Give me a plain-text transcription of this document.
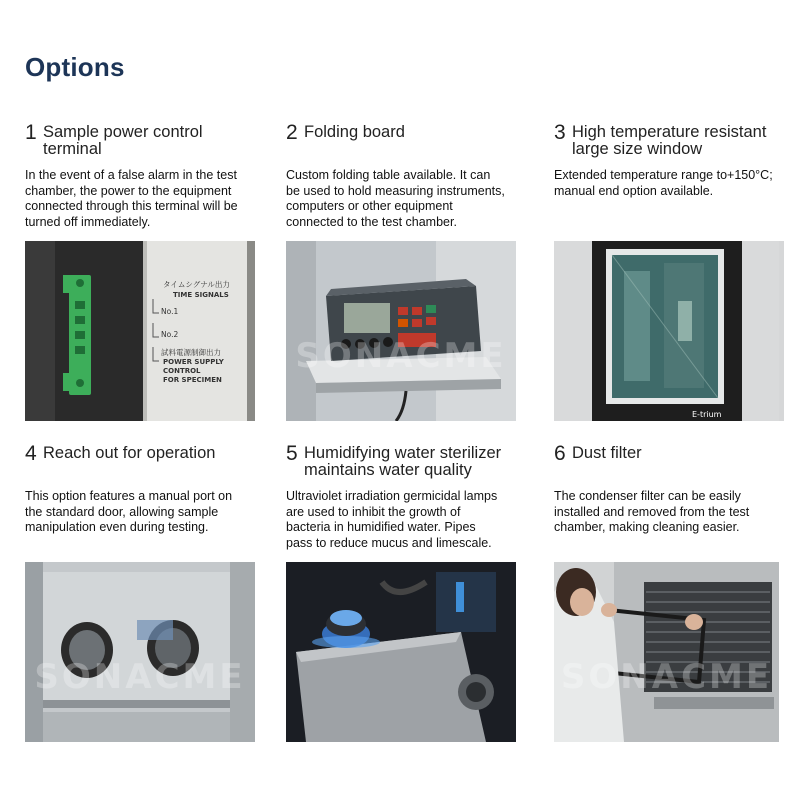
Options
1 Sample power control
terminal
In the event of a false alarm in the test
chamber, the power to the equipment
connected through this terminal will be
turned off immediately.
タイムシグナル出力
TIME SIGNALS
No.1
No.2
試料電源制御出力
POWER SUPPLY
CONTROL
FOR SPECIMEN
2 Folding board
Custom folding table available. It can
be used to hold measuring instruments,
computers or other equipment
connected to the test chamber.
SONACME
3 High temperature resistant
large size window
Extended temperature range to+150°C;
manual end option available.
E-trium
4 Reach out for operation
This option features a manual port on
the standard door, allowing sample
manipulation even during testing.
SONACME
5 Humidifying water sterilizer
maintains water quality
Ultraviolet irradiation germicidal lamps
are used to inhibit the growth of
bacteria in humidified water. Pipes
pass to reduce mucus and limescale.
6 Dust filter
The condenser filter can be easily
installed and removed from the test
chamber, making cleaning easier.
SONACME
